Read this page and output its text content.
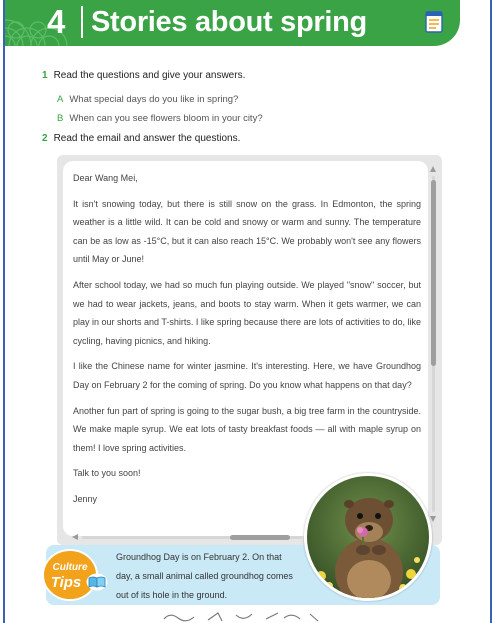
4 Stories about spring
1 Read the questions and give your answers.
A What special days do you like in spring?
B When can you see flowers bloom in your city?
2 Read the email and answer the questions.

Dear Wang Mei,

It isn't snowing today, but there is still snow on the grass. In Edmonton, the spring weather is a little wild. It can be cold and snowy or warm and sunny. The temperature can be as low as -15°C, but it can also reach 15°C. We probably won't see any flowers until May or June!

After school today, we had so much fun playing outside. We played "snow" soccer, but we had to wear jackets, jeans, and boots to stay warm. When it gets warmer, we can play in our shorts and T-shirts. I like spring because there are lots of activities to do, like cycling, having picnics, and hiking.

I like the Chinese name for winter jasmine. It's interesting. Here, we have Groundhog Day on February 2 for the coming of spring. Do you know what happens on that day?

Another fun part of spring is going to the sugar bush, a big tree farm in the countryside. We make maple syrup. We eat lots of tasty breakfast foods — all with maple syrup on them! I love spring activities.

Talk to you soon!

Jenny

Culture
Tips
Groundhog Day is on February 2. On that day, a small animal called groundhog comes out of its hole in the ground.
